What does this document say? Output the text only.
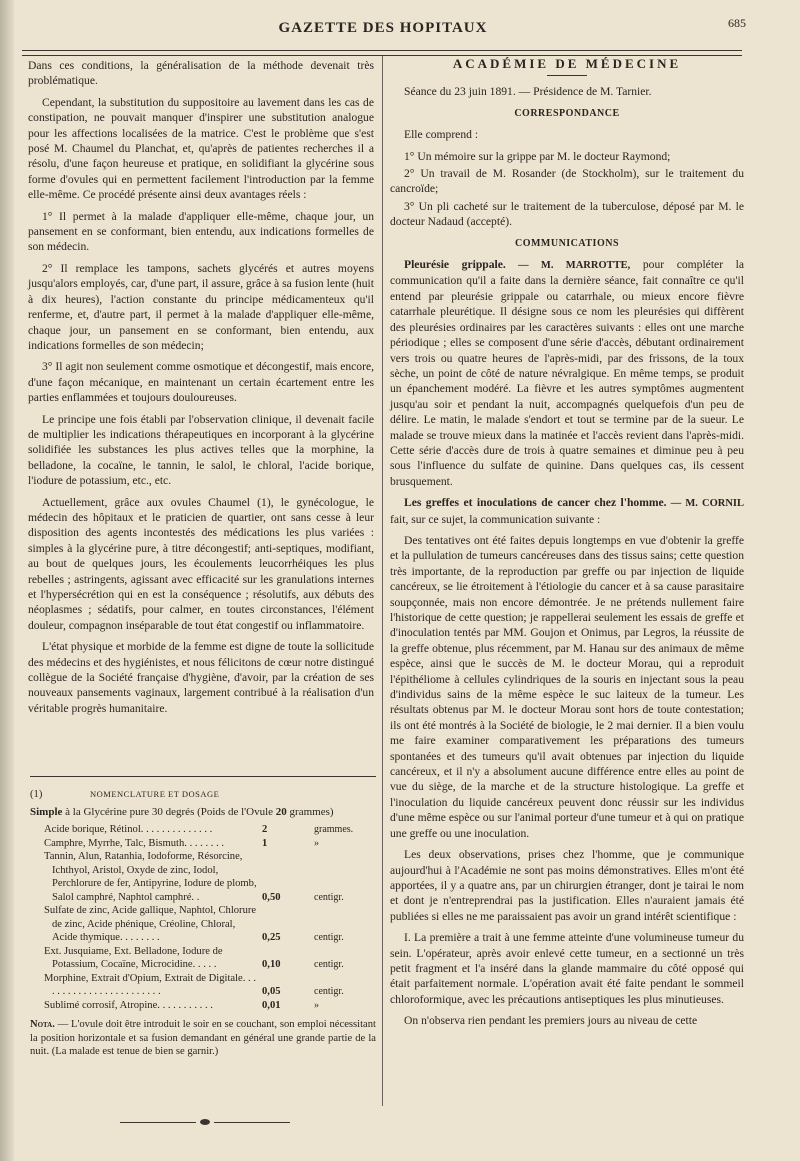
GAZETTE DES HOPITAUX	685

Dans ces conditions, la généralisation de la méthode devenait très problématique.

Cependant, la substitution du suppositoire au lavement dans les cas de constipation, ne pouvait manquer d'inspirer une substitution analogue pour les affections localisées de la matrice. C'est le problème que s'est posé M. Chaumel du Planchat, et, qu'après de patientes recherches il a résolu, d'une façon heureuse et pratique, en solidifiant la glycérine sous forme d'ovules qui en permettent facilement l'introduction par la femme elle-même. Ce procédé présente ainsi deux avantages réels :

1° Il permet à la malade d'appliquer elle-même, chaque jour, un pansement en se conformant, bien entendu, aux indications formelles de son médecin.

2° Il remplace les tampons, sachets glycérés et autres moyens jusqu'alors employés, car, d'une part, il assure, grâce à sa fusion lente (huit à dix heures), l'action constante du principe médicamenteux qu'il renferme, et, d'autre part, il permet à la malade d'appliquer elle-même, chaque jour, un pansement en se conformant, bien entendu, aux indications formelles de son médecin;

3° Il agit non seulement comme osmotique et décongestif, mais encore, d'une façon mécanique, en maintenant un certain écartement entre les parties enflammées et toujours douloureuses.

Le principe une fois établi par l'observation clinique, il devenait facile de multiplier les indications thérapeutiques en incorporant à la glycérine solidifiée les substances les plus actives telles que la morphine, la belladone, la cocaïne, le tannin, le salol, le chloral, l'acide borique, l'iodure de potassium, etc., etc.

Actuellement, grâce aux ovules Chaumel (1), le gynécologue, le médecin des hôpitaux et le praticien de quartier, ont sans cesse à leur disposition des agents incontestés des médications les plus variées : simples à la glycérine pure, à titre décongestif; anti-septiques, modifiant, au bout de quelques jours, les écoulements leucorrhéiques les plus rebelles ; astringents, agissant avec efficacité sur les granulations internes et l'hypersécrétion qui en est la conséquence ; résolutifs, aux débuts des néoplasmes ; sédatifs, pour calmer, en toutes circonstances, l'élément douleur, compagnon inséparable de tout état congestif ou inflammatoire.

L'état physique et morbide de la femme est digne de toute la sollicitude des médecins et des hygiénistes, et nous félicitons de cœur notre distingué collègue de la Société française d'hygiène, d'avoir, par la création de ses nouveaux pansements vaginaux, largement contribué à la réalisation d'un véritable progrès humanitaire.

(1)	NOMENCLATURE ET DOSAGE
Simple à la Glycérine pure 30 degrés (Poids de l'Ovule 20 grammes)
Acide borique, Rétinol. . . . . . . . . . . . . .	2	grammes.
Camphre, Myrrhe, Talc, Bismuth. . . . . . . .	1	»
Tannin, Alun, Ratanhia, Iodoforme, Résorcine, Ichthyol, Aristol, Oxyde de zinc, Iodol, Perchlorure de fer, Antipyrine, Iodure de plomb, Salol camphré, Naphtol camphré. .	0,50	centigr.
Sulfate de zinc, Acide gallique, Naphtol, Chlorure de zinc, Acide phénique, Créoline, Chloral, Acide thymique. . . . . . . .	0,25	centigr.
Ext. Jusquiame, Ext. Belladone, Iodure de Potassium, Cocaïne, Microcidine. . . . .	0,10	centigr.
Morphine, Extrait d'Opium, Extrait de Digitale. . . . . . . . . . . . . . . . . . . . . . . .	0,05	centigr.
Sublimé corrosif, Atropine. . . . . . . . . . .	0,01	»
Nota. — L'ovule doit être introduit le soir en se couchant, son emploi nécessitant la position horizontale et sa fusion demandant en général une grande partie de la nuit. (La malade est tenue de bien se garnir.)
ACADÉMIE DE MÉDECINE

Séance du 23 juin 1891. — Présidence de M. Tarnier.

CORRESPONDANCE

Elle comprend :

1° Un mémoire sur la grippe par M. le docteur Raymond;

2° Un travail de M. Rosander (de Stockholm), sur le traitement du cancroïde;

3° Un pli cacheté sur le traitement de la tuberculose, déposé par M. le docteur Nadaud (accepté).

COMMUNICATIONS

Pleurésie grippale. — M. MARROTTE, pour compléter la communication qu'il a faite dans la dernière séance, fait connaître ce qu'il entend par pleurésie grippale ou catarrhale, ou mieux encore fièvre catarrhale pleurétique. Il désigne sous ce nom les pleurésies qui diffèrent des pleurésies ordinaires par les caractères suivants : elles ont une marche périodique ; elles se composent d'une série d'accès, débutant ordinairement vers trois ou quatre heures de l'après-midi, par des frissons, de la toux sèche, un point de côté de nature névralgique. En même temps, se produit un épanchement modéré. La fièvre et les autres symptômes augmentent jusqu'au soir et pendant la nuit, accompagnés quelquefois d'un peu de délire. Le matin, le malade s'endort et tout se termine par de la sueur. Le malade se trouve mieux dans la matinée et l'accès revient dans l'après-midi. Cette série d'accès dure de trois à quatre semaines et diminue peu à peu sous l'influence du sulfate de quinine. Dans quelques cas, ils cessent brusquement.

Les greffes et inoculations de cancer chez l'homme. — M. CORNIL fait, sur ce sujet, la communication suivante :

Des tentatives ont été faites depuis longtemps en vue d'obtenir la greffe et la pullulation de tumeurs cancéreuses dans des tissus sains; cette question très importante, de la reproduction par greffe ou par injection de liquide cancéreux, se lie étroitement à l'étiologie du cancer et à sa cause parasitaire soupçonnée, mais non encore démontrée. Je ne prétends nullement faire l'historique de cette question; je rappellerai seulement les essais de greffe et d'inoculation tentés par MM. Goujon et Onimus, par Legros, la réussite de la greffe obtenue, plus récemment, par M. Hanau sur des animaux de même espèce, ainsi que le succès de M. le docteur Morau, qui a reproduit l'épithéliome à cellules cylindriques de la souris en injectant sous la peau d'individus sains de la même espèce le suc laiteux de la tumeur. Les résultats obtenus par M. le docteur Morau sont hors de toute contestation; ils ont été montrés à la Société de biologie, le 2 mai dernier. Il a bien voulu me faire examiner comparativement les préparations des tumeurs spontanées et des tumeurs qu'il avait obtenues par injection du liquide cancéreux, et il n'y a absolument aucune différence entre elles au point de vue du siège, de la marche et de la structure histologique. La greffe et l'inoculation du liquide cancéreux peuvent donc réussir sur les individus d'une même espèce ou sur l'animal porteur d'une tumeur et à qui on pratique une greffe ou une inoculation.

Les deux observations, prises chez l'homme, que je communique aujourd'hui à l'Académie ne sont pas moins démonstratives. Elles m'ont été apportées, il y a quatre ans, par un chirurgien étranger, dont je tairai le nom et dont je n'entreprendrai pas la justification. Elles n'auraient jamais été publiées si elles ne me paraissaient pas avoir un grand intérêt scientifique :

I. La première a trait à une femme atteinte d'une volumineuse tumeur du sein. L'opérateur, après avoir enlevé cette tumeur, en a sectionné un très petit fragment et l'a inséré dans la glande mammaire du côté opposé qui était parfaitement normale. L'opération avait été faite pendant le sommeil chloroformique, avec les précautions antiseptiques les plus minutieuses.

On n'observa rien pendant les premiers jours au niveau de cette
